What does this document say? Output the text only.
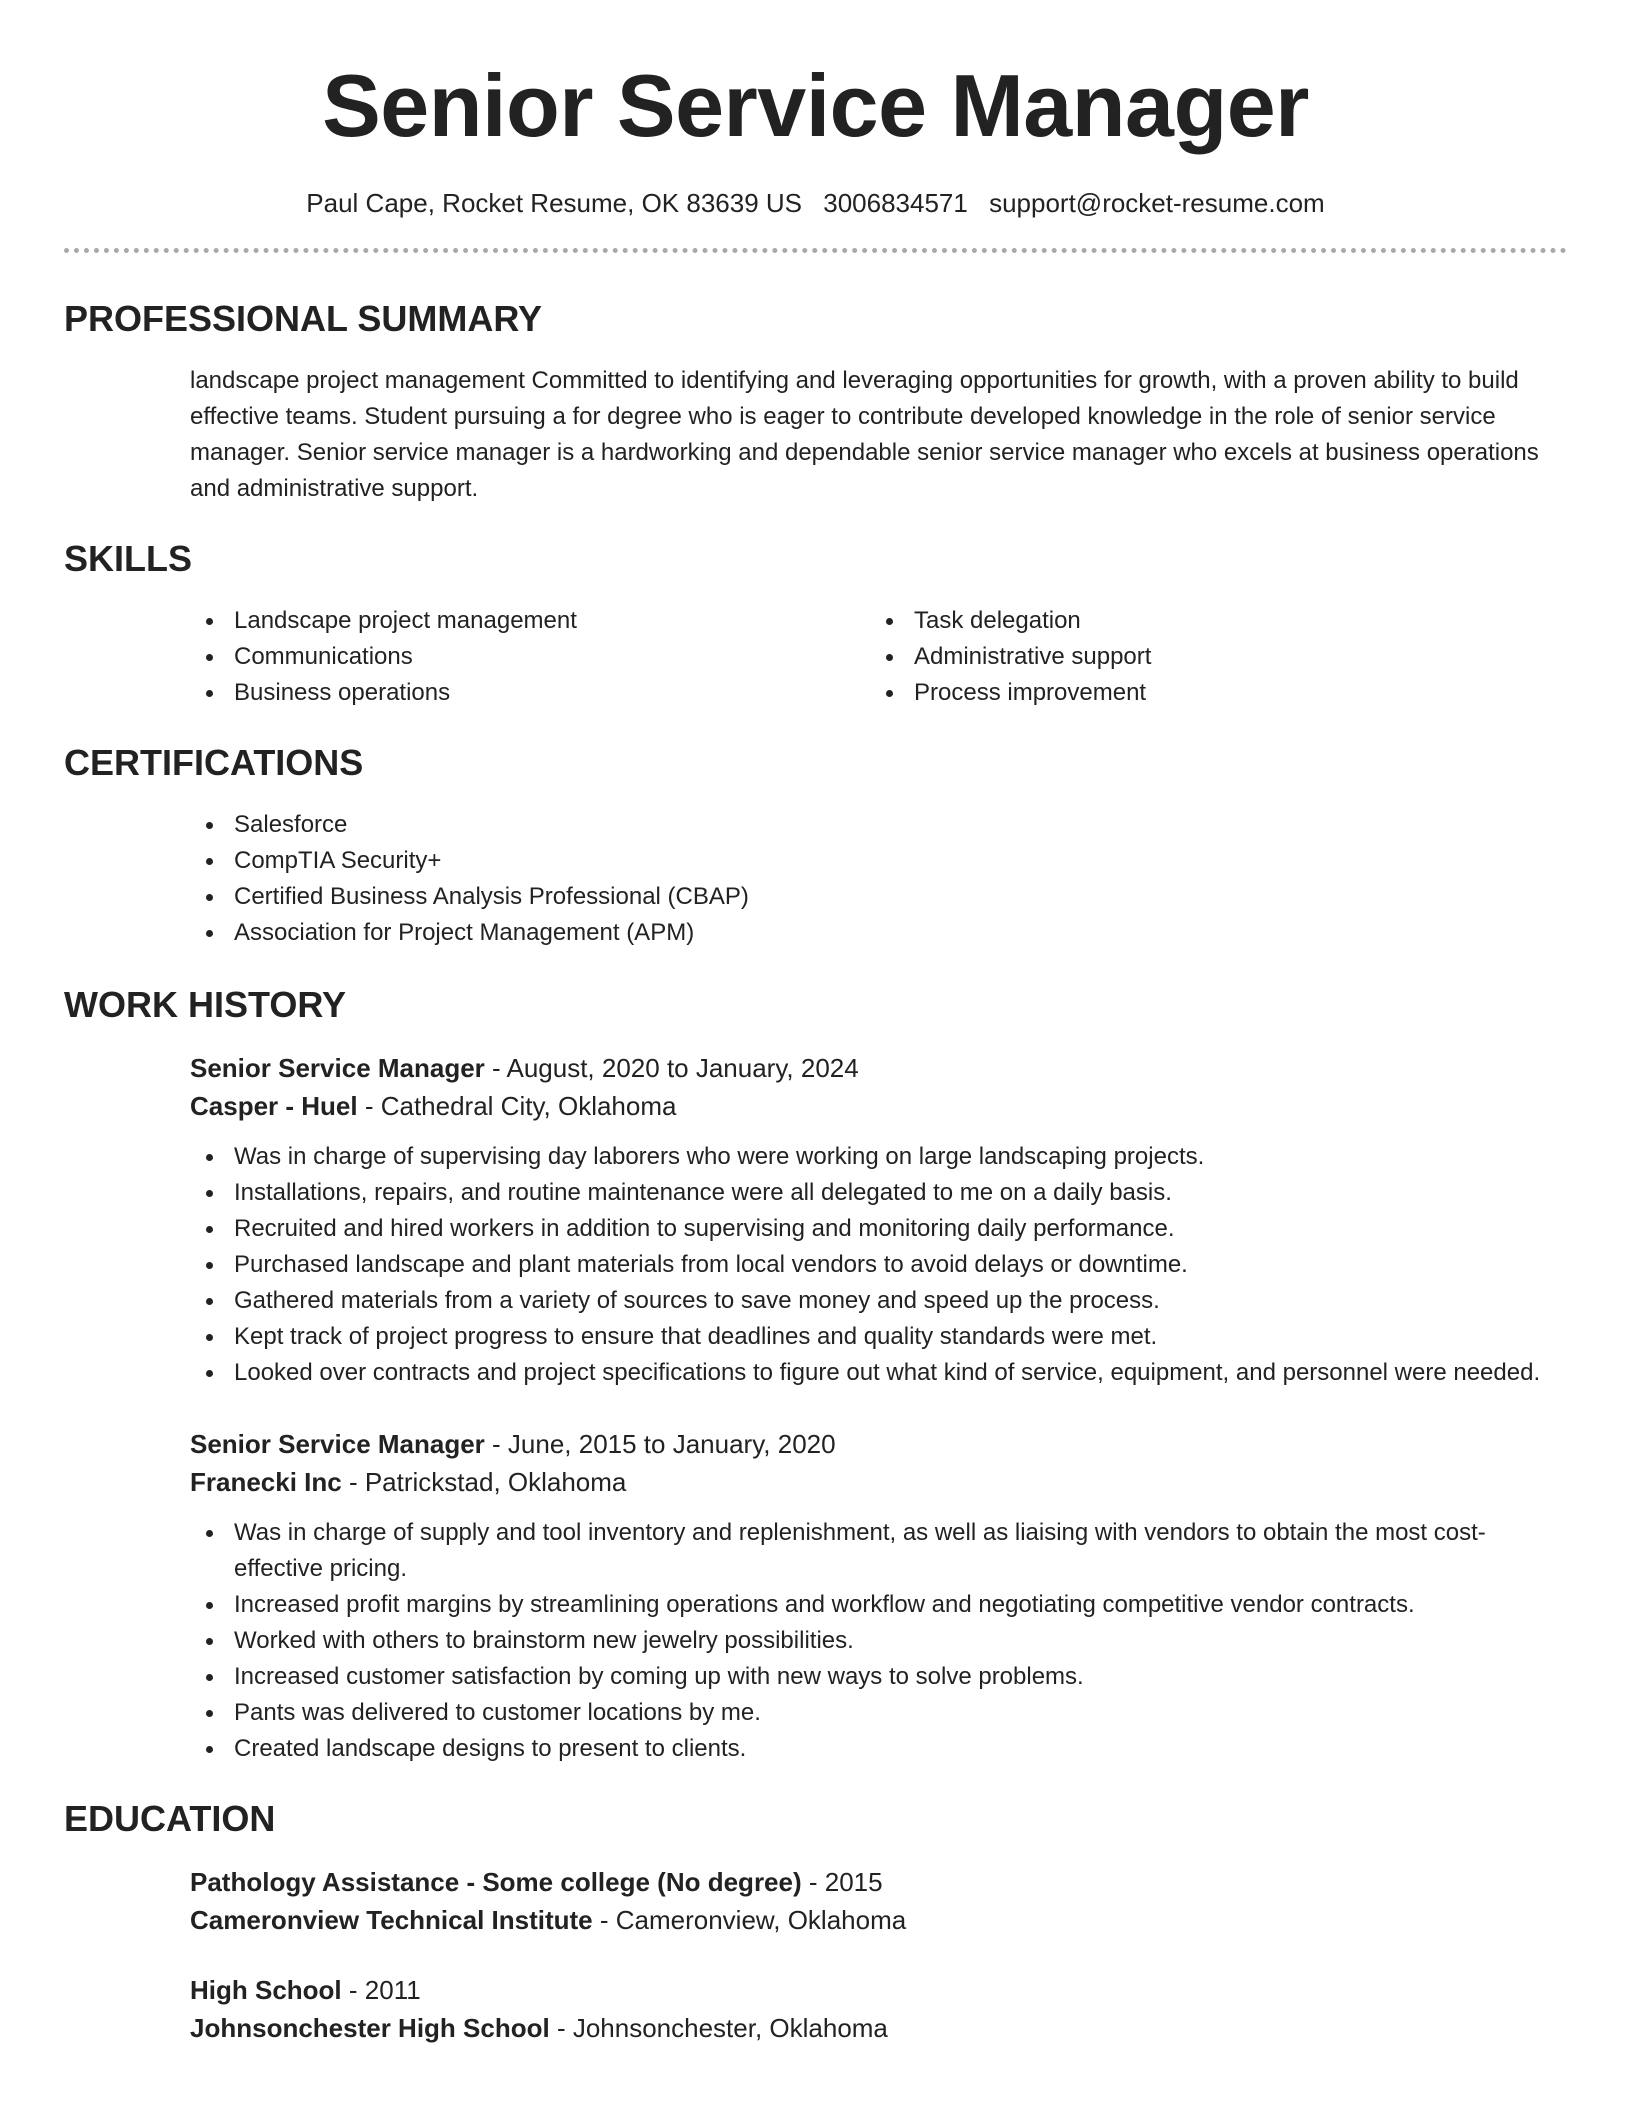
Senior Service Manager
Paul Cape, Rocket Resume, OK 83639 US 3006834571 support@rocket-resume.com
PROFESSIONAL SUMMARY
landscape project management Committed to identifying and leveraging opportunities for growth, with a proven ability to build effective teams. Student pursuing a for degree who is eager to contribute developed knowledge in the role of senior service manager. Senior service manager is a hardworking and dependable senior service manager who excels at business operations and administrative support.
SKILLS
Landscape project management
Communications
Business operations
Task delegation
Administrative support
Process improvement
CERTIFICATIONS
Salesforce
CompTIA Security+
Certified Business Analysis Professional (CBAP)
Association for Project Management (APM)
WORK HISTORY
Senior Service Manager - August, 2020 to January, 2024
Casper - Huel - Cathedral City, Oklahoma
Was in charge of supervising day laborers who were working on large landscaping projects.
Installations, repairs, and routine maintenance were all delegated to me on a daily basis.
Recruited and hired workers in addition to supervising and monitoring daily performance.
Purchased landscape and plant materials from local vendors to avoid delays or downtime.
Gathered materials from a variety of sources to save money and speed up the process.
Kept track of project progress to ensure that deadlines and quality standards were met.
Looked over contracts and project specifications to figure out what kind of service, equipment, and personnel were needed.
Senior Service Manager - June, 2015 to January, 2020
Franecki Inc - Patrickstad, Oklahoma
Was in charge of supply and tool inventory and replenishment, as well as liaising with vendors to obtain the most cost-effective pricing.
Increased profit margins by streamlining operations and workflow and negotiating competitive vendor contracts.
Worked with others to brainstorm new jewelry possibilities.
Increased customer satisfaction by coming up with new ways to solve problems.
Pants was delivered to customer locations by me.
Created landscape designs to present to clients.
EDUCATION
Pathology Assistance - Some college (No degree) - 2015
Cameronview Technical Institute - Cameronview, Oklahoma
High School - 2011
Johnsonchester High School - Johnsonchester, Oklahoma
